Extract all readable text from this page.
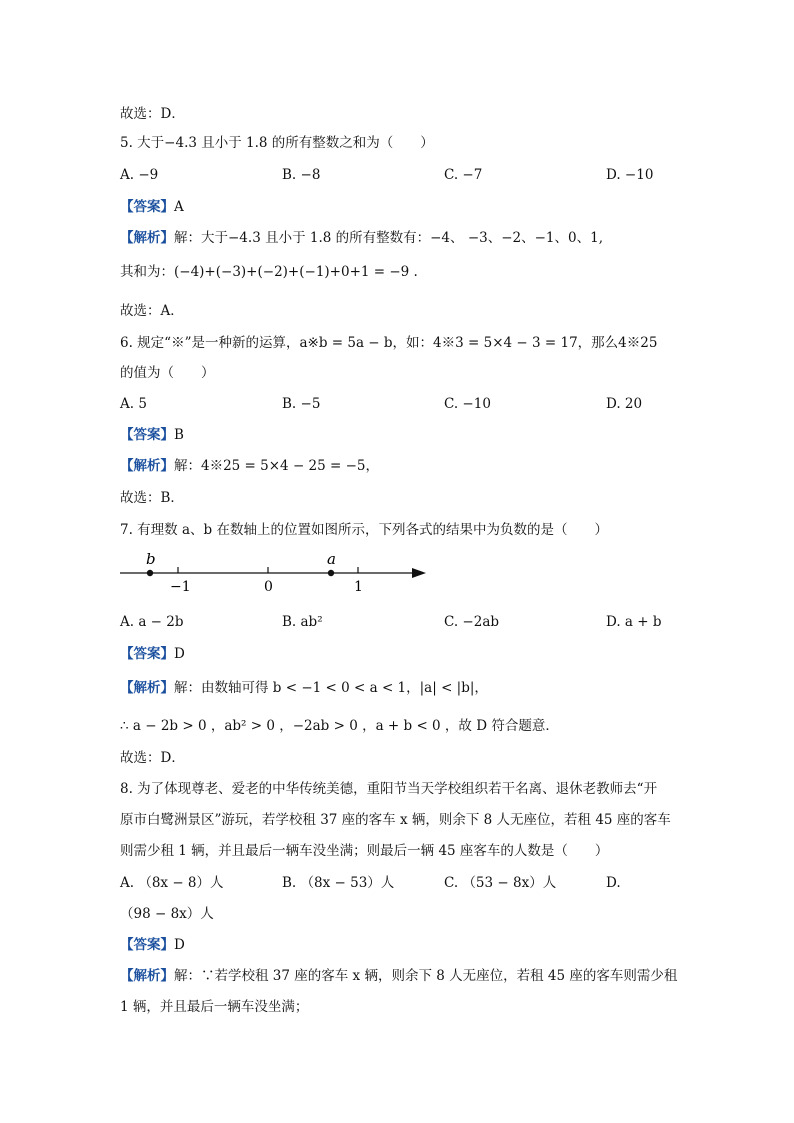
故选：D．
5. 大于−4.3 且小于 1.8 的所有整数之和为（　　）
A. −9	B. −8	C. −7	D. −10
【答案】A
【解析】解：大于−4.3 且小于 1.8 的所有整数有：−4、 −3、−2、−1、0、1,
其和为：(−4)+(−3)+(−2)+(−1)+0+1 = −9 .
故选：A．
6. 规定“※”是一种新的运算，a※b = 5a − b，如：4※3 = 5×4 − 3 = 17，那么4※25
的值为（　　）
A. 5	B. −5	C. −10	D. 20
【答案】B
【解析】解：4※25 = 5×4 − 25 = −5，
故选：B．
7. 有理数 a、b 在数轴上的位置如图所示，下列各式的结果中为负数的是（　　）
b	a
−1	0	1
A. a − 2b	B. ab²	C. −2ab	D. a + b
【答案】D
【解析】解：由数轴可得 b < −1 < 0 < a < 1，|a| < |b|，
∴ a − 2b > 0 ，ab² > 0 ，−2ab > 0 ，a + b < 0 ，故 D 符合题意．
故选：D．
8. 为了体现尊老、爱老的中华传统美德，重阳节当天学校组织若干名离、退休老教师去“开
原市白鹭洲景区”游玩，若学校租 37 座的客车 x 辆，则余下 8 人无座位，若租 45 座的客车
则需少租 1 辆，并且最后一辆车没坐满；则最后一辆 45 座客车的人数是（　　）
A. （8x − 8）人	B. （8x − 53）人	C. （53 − 8x）人	D.
（98 − 8x）人
【答案】D
【解析】解：∵若学校租 37 座的客车 x 辆，则余下 8 人无座位，若租 45 座的客车则需少租
1 辆，并且最后一辆车没坐满；
